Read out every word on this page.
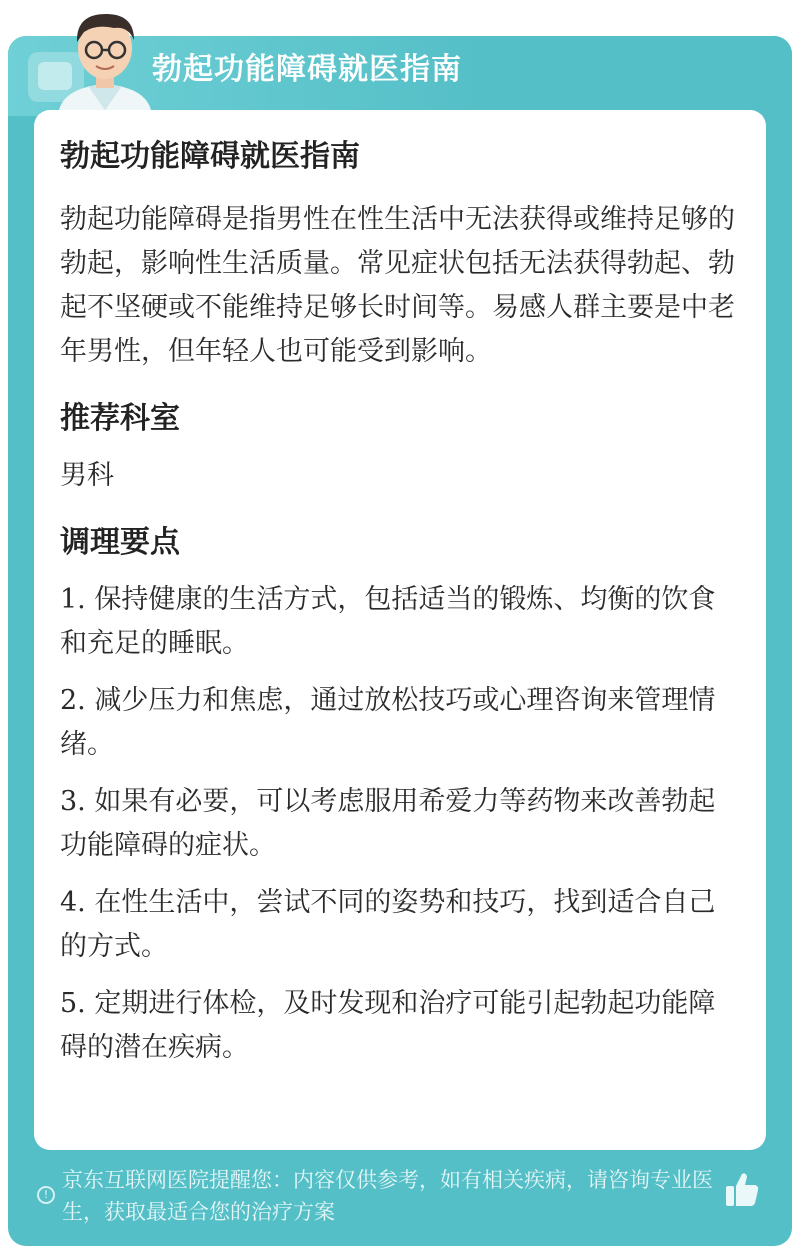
勃起功能障碍就医指南
勃起功能障碍就医指南

勃起功能障碍是指男性在性生活中无法获得或维持足够的勃起，影响性生活质量。常见症状包括无法获得勃起、勃起不坚硬或不能维持足够长时间等。易感人群主要是中老年男性，但年轻人也可能受到影响。

推荐科室

男科

调理要点
1. 保持健康的生活方式，包括适当的锻炼、均衡的饮食和充足的睡眠。
2. 减少压力和焦虑，通过放松技巧或心理咨询来管理情绪。
3. 如果有必要，可以考虑服用希爱力等药物来改善勃起功能障碍的症状。
4. 在性生活中，尝试不同的姿势和技巧，找到适合自己的方式。
5. 定期进行体检，及时发现和治疗可能引起勃起功能障碍的潜在疾病。
!
京东互联网医院提醒您：内容仅供参考，如有相关疾病，请咨询专业医生，获取最适合您的治疗方案
